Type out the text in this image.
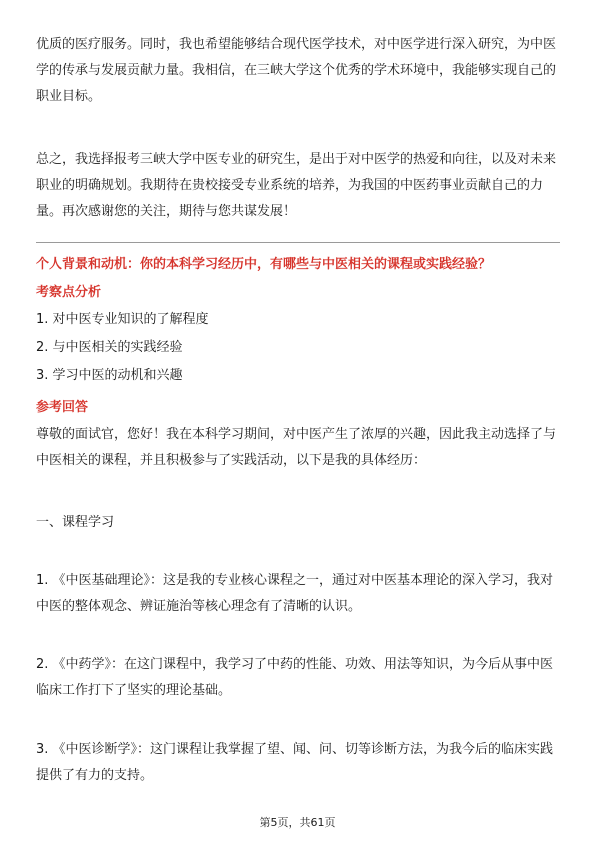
优质的医疗服务。同时，我也希望能够结合现代医学技术，对中医学进行深入研究，为中医学的传承与发展贡献力量。我相信，在三峡大学这个优秀的学术环境中，我能够实现自己的职业目标。

总之，我选择报考三峡大学中医专业的研究生，是出于对中医学的热爱和向往，以及对未来职业的明确规划。我期待在贵校接受专业系统的培养，为我国的中医药事业贡献自己的力量。再次感谢您的关注，期待与您共谋发展！

个人背景和动机：你的本科学习经历中，有哪些与中医相关的课程或实践经验？

考察点分析

1. 对中医专业知识的了解程度

2. 与中医相关的实践经验

3. 学习中医的动机和兴趣

参考回答

尊敬的面试官，您好！我在本科学习期间，对中医产生了浓厚的兴趣，因此我主动选择了与中医相关的课程，并且积极参与了实践活动，以下是我的具体经历：

一、课程学习

1. 《中医基础理论》：这是我的专业核心课程之一，通过对中医基本理论的深入学习，我对中医的整体观念、辨证施治等核心理念有了清晰的认识。

2. 《中药学》：在这门课程中，我学习了中药的性能、功效、用法等知识，为今后从事中医临床工作打下了坚实的理论基础。

3. 《中医诊断学》：这门课程让我掌握了望、闻、问、切等诊断方法，为我今后的临床实践提供了有力的支持。

第5页，共61页
